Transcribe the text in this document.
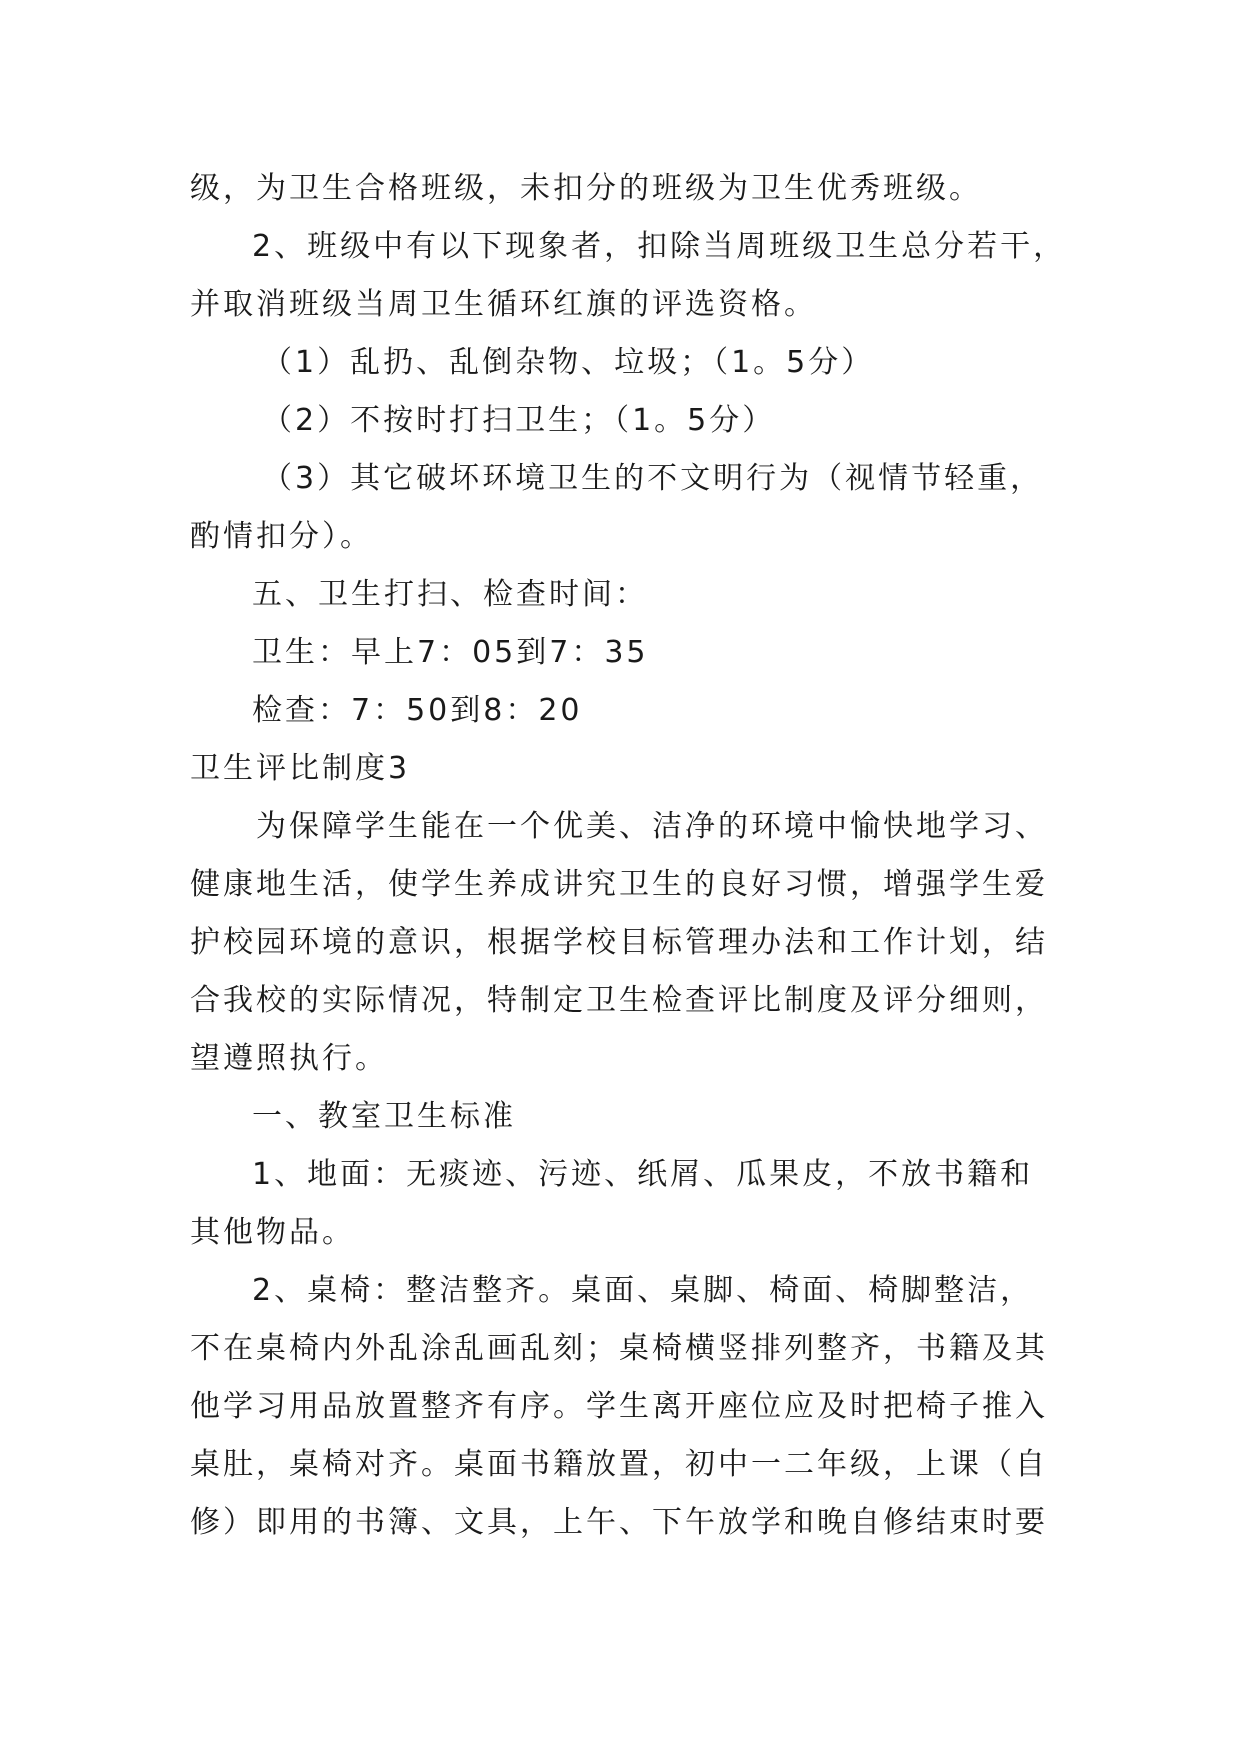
级，为卫生合格班级，未扣分的班级为卫生优秀班级。
2、班级中有以下现象者，扣除当周班级卫生总分若干，
并取消班级当周卫生循环红旗的评选资格。
（1）乱扔、乱倒杂物、垃圾；（1。5分）
（2）不按时打扫卫生；（1。5分）
（3）其它破坏环境卫生的不文明行为（视情节轻重，
酌情扣分）。
五、卫生打扫、检查时间：
卫生：早上7：05到7：35
检查：7：50到8：20
卫生评比制度3
为保障学生能在一个优美、洁净的环境中愉快地学习、
健康地生活，使学生养成讲究卫生的良好习惯，增强学生爱
护校园环境的意识，根据学校目标管理办法和工作计划，结
合我校的实际情况，特制定卫生检查评比制度及评分细则，
望遵照执行。
一、教室卫生标准
1、地面：无痰迹、污迹、纸屑、瓜果皮，不放书籍和
其他物品。
2、桌椅：整洁整齐。桌面、桌脚、椅面、椅脚整洁，
不在桌椅内外乱涂乱画乱刻；桌椅横竖排列整齐，书籍及其
他学习用品放置整齐有序。学生离开座位应及时把椅子推入
桌肚，桌椅对齐。桌面书籍放置，初中一二年级，上课（自
修）即用的书簿、文具，上午、下午放学和晚自修结束时要
